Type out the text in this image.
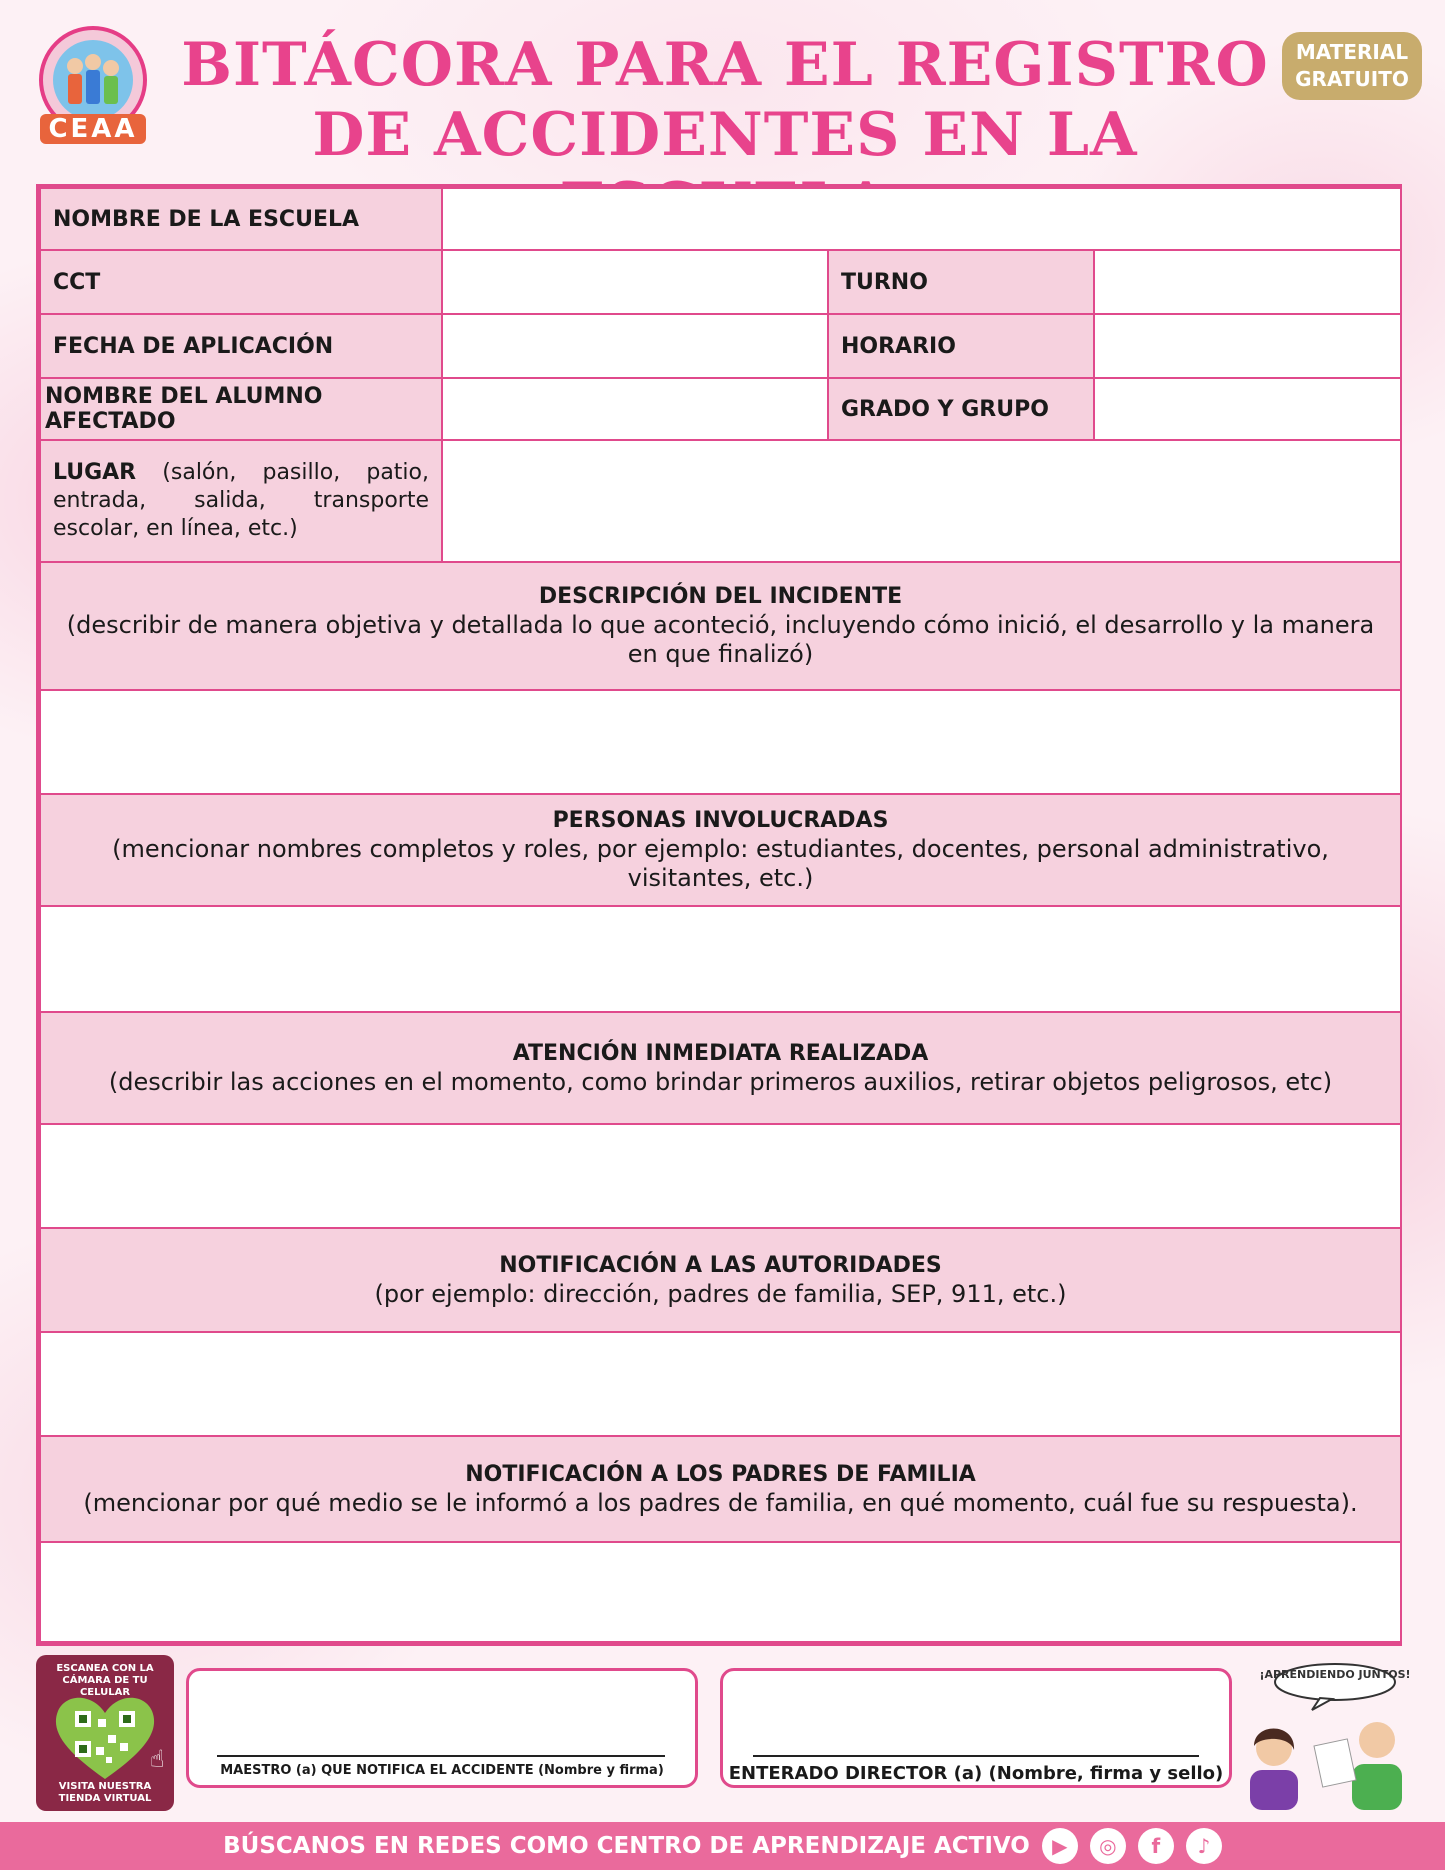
CEAA
BITÁCORA PARA EL REGISTRO
DE ACCIDENTES EN LA
MATERIAL
GRATUITO
NOMBRE DE LA ESCUELA
CCT	TURNO
FECHA DE APLICACIÓN	HORARIO
NOMBRE DEL ALUMNO AFECTADO	GRADO Y GRUPO
LUGAR (salón, pasillo, patio, entrada, salida, transporte escolar, en línea, etc.)
DESCRIPCIÓN DEL INCIDENTE
(describir de manera objetiva y detallada lo que aconteció, incluyendo cómo inició, el desarrollo y la manera en que finalizó)
PERSONAS INVOLUCRADAS
(mencionar nombres completos y roles, por ejemplo: estudiantes, docentes, personal administrativo, visitantes, etc.)
ATENCIÓN INMEDIATA REALIZADA
(describir las acciones en el momento, como brindar primeros auxilios, retirar objetos peligrosos, etc)
NOTIFICACIÓN A LAS AUTORIDADES
(por ejemplo: dirección, padres de familia, SEP, 911, etc.)
NOTIFICACIÓN A LOS PADRES DE FAMILIA
(mencionar por qué medio se le informó a los padres de familia, en qué momento, cuál fue su respuesta).
ESCANEA CON LA CÁMARA DE TU CELULAR
☝
VISITA NUESTRA TIENDA VIRTUAL
MAESTRO (a) QUE NOTIFICA EL ACCIDENTE (Nombre y firma)	ENTERADO DIRECTOR (a) (Nombre, firma y sello)
¡APRENDIENDO JUNTOS!
BÚSCANOS EN REDES COMO CENTRO DE APRENDIZAJE ACTIVO	▶	◎	f	♪
